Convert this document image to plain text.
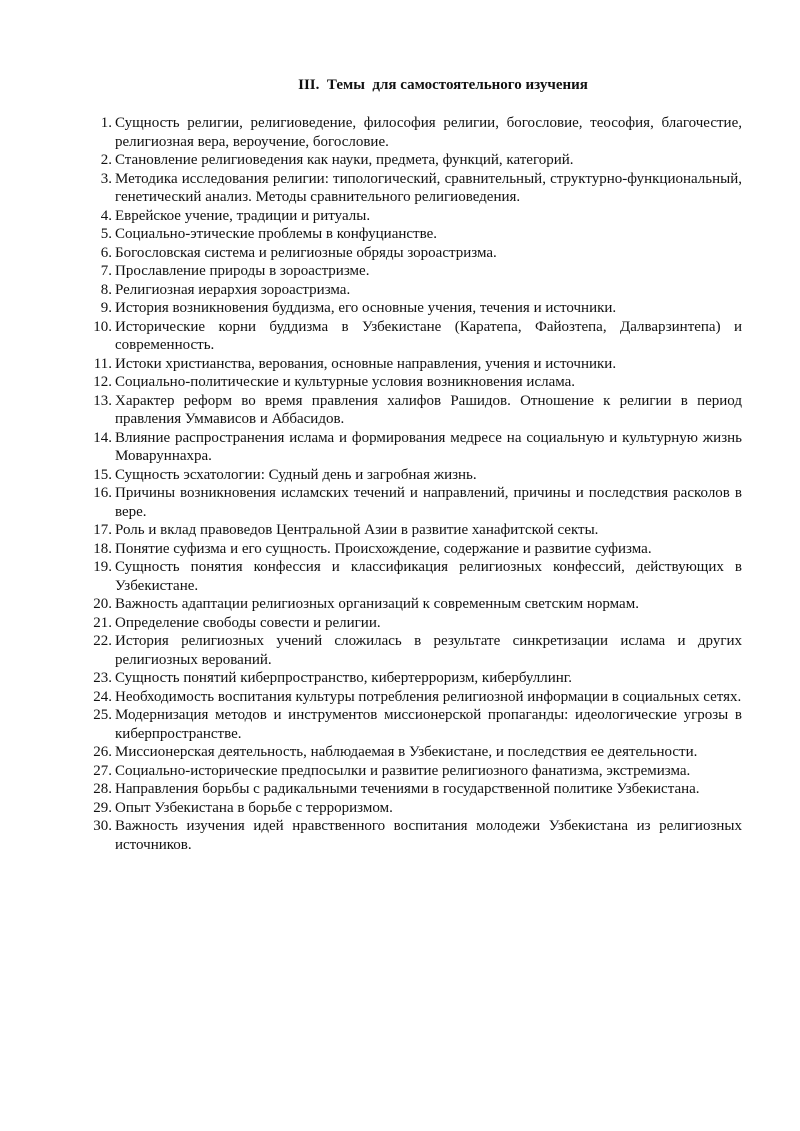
III.  Темы  для самостоятельного изучения
1. Сущность религии, религиоведение, философия религии, богословие, теософия, благочестие, религиозная вера, вероучение, богословие.
2. Становление религиоведения как науки, предмета, функций, категорий.
3. Методика исследования религии: типологический, сравнительный, структурно-функциональный, генетический анализ. Методы сравнительного религиоведения.
4. Еврейское учение, традиции и ритуалы.
5. Социально-этические проблемы в конфуцианстве.
6. Богословская система и религиозные обряды зороастризма.
7. Прославление природы в зороастризме.
8. Религиозная иерархия зороастризма.
9. История возникновения буддизма, его основные учения, течения и источники.
10. Исторические корни буддизма в Узбекистане (Каратепа, Файозтепа, Далварзинтепа) и современность.
11. Истоки христианства, верования, основные направления, учения и источники.
12. Социально-политические и культурные условия возникновения ислама.
13. Характер реформ во время правления халифов Рашидов. Отношение к религии в период правления Уммависов и Аббасидов.
14. Влияние распространения ислама и формирования медресе на социальную и культурную жизнь Моваруннахра.
15. Сущность эсхатологии: Судный день и загробная жизнь.
16. Причины возникновения исламских течений и направлений, причины и последствия расколов в вере.
17. Роль и вклад правоведов Центральной Азии в развитие ханафитской секты.
18. Понятие суфизма и его сущность. Происхождение, содержание и развитие суфизма.
19. Сущность понятия конфессия и классификация религиозных конфессий, действующих в Узбекистане.
20. Важность адаптации религиозных организаций к современным светским нормам.
21. Определение свободы совести и религии.
22. История религиозных учений сложилась в результате синкретизации ислама и других религиозных верований.
23. Сущность понятий киберпространство, кибертерроризм, кибербуллинг.
24. Необходимость воспитания культуры потребления религиозной информации в социальных сетях.
25. Модернизация методов и инструментов миссионерской пропаганды: идеологические угрозы в киберпространстве.
26. Миссионерская деятельность, наблюдаемая в Узбекистане, и последствия ее деятельности.
27. Социально-исторические предпосылки и развитие религиозного фанатизма, экстремизма.
28. Направления борьбы с радикальными течениями в государственной политике Узбекистана.
29. Опыт Узбекистана в борьбе с терроризмом.
30. Важность изучения идей нравственного воспитания молодежи Узбекистана из религиозных источников.
